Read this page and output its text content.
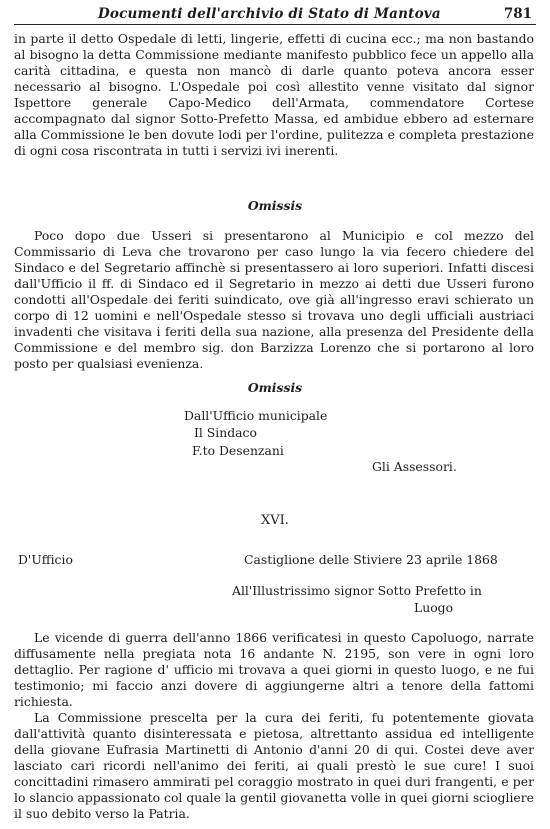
Documenti dell'archivio di Stato di Mantova	781

in parte il detto Ospedale di letti, lingerie, effetti di cucina ecc.; ma non bastando al bisogno la detta Commissione mediante manifesto pubblico fece un appello alla carità cittadina, e questa non mancò di darle quanto poteva ancora esser necessario al bisogno. L'Ospedale poi così allestito venne visitato dal signor Ispettore generale Capo-Medico dell'Armata, commendatore Cortese accompagnato dal signor Sotto-Prefetto Massa, ed ambidue ebbero ad esternare alla Commissione le ben dovute lodi per l'ordine, pulitezza e completa prestazione di ogni cosa riscontrata in tutti i servizi ivi inerenti.

Omissis

Poco dopo due Usseri si presentarono al Municipio e col mezzo del Commissario di Leva che trovarono per caso lungo la via fecero chiedere del Sindaco e del Segretario affinchè si presentassero ai loro superiori. Infatti discesi dall'Ufficio il ff. di Sindaco ed il Segretario in mezzo ai detti due Usseri furono condotti all'Ospedale dei feriti suindicato, ove già all'ingresso eravi schierato un corpo di 12 uomini e nell'Ospedale stesso si trovava uno degli ufficiali austriaci invadenti che visitava i feriti della sua nazione, alla presenza del Presidente della Commissione e del membro sig. don Barzizza Lorenzo che si portarono al loro posto per qualsiasi evenienza.

Omissis
Dall'Ufficio municipale
Il Sindaco
F.to Desenzani
Gli Assessori.
XVI.
D'Ufficio	Castiglione delle Stiviere 23 aprile 1868
All'Illustrissimo signor Sotto Prefetto in
Luogo

Le vicende di guerra dell'anno 1866 verificatesi in questo Capoluogo, narrate diffusamente nella pregiata nota 16 andante N. 2195, son vere in ogni loro dettaglio. Per ragione d' ufficio mi trovava a quei giorni in questo luogo, e ne fui testimonio; mi faccio anzi dovere di aggiungerne altri a tenore della fattomi richiesta.

La Commissione prescelta per la cura dei feriti, fu potentemente giovata dall'attività quanto disinteressata e pietosa, altrettanto assidua ed intelligente della giovane Eufrasia Martinetti di Antonio d'anni 20 di qui. Costei deve aver lasciato cari ricordi nell'animo dei feriti, ai quali prestò le sue cure! I suoi concittadini rimasero ammirati pel coraggio mostrato in quei duri frangenti, e per lo slancio appassionato col quale la gentil giovanetta volle in quei giorni sciogliere il suo debito verso la Patria.
